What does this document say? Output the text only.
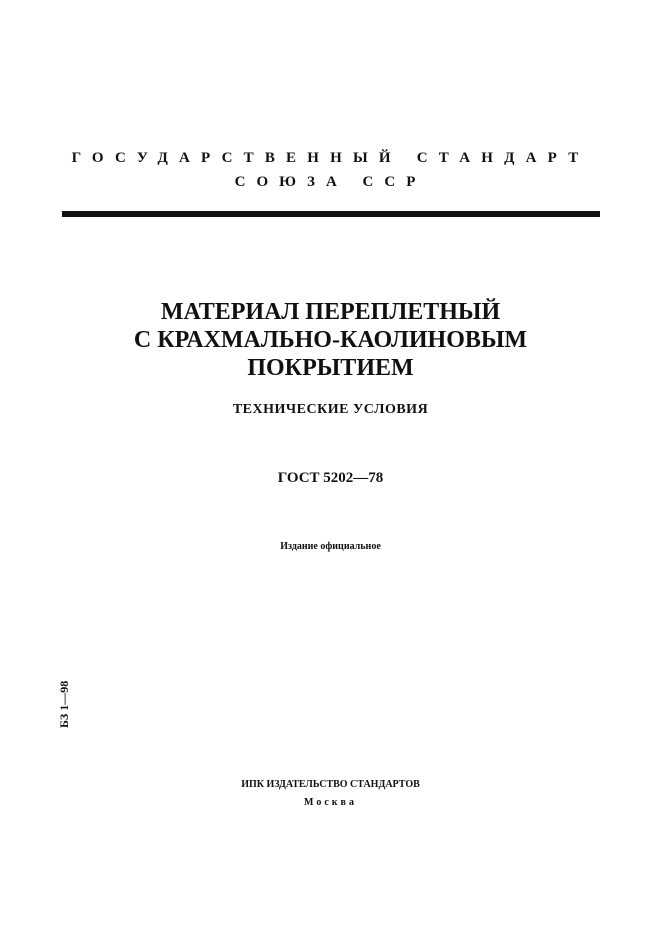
ГОСУДАРСТВЕННЫЙ СТАНДАРТ
СОЮЗА ССР
МАТЕРИАЛ ПЕРЕПЛЕТНЫЙ
С КРАХМАЛЬНО-КАОЛИНОВЫМ
ПОКРЫТИЕМ
ТЕХНИЧЕСКИЕ УСЛОВИЯ
ГОСТ 5202—78
Издание официальное
БЗ 1—98
ИПК ИЗДАТЕЛЬСТВО СТАНДАРТОВ
Москва
